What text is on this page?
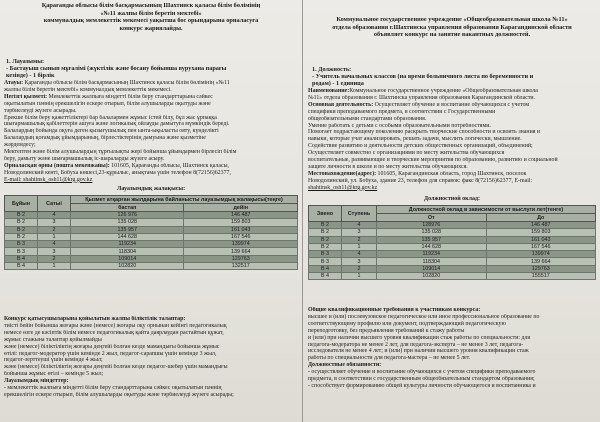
Қарағанды облысы білім басқармасының Шахтинск қаласы білім бөлімінің
«№11 жалпы білім беретін мектебі»
коммуналдық мемлекеттік мекемесі уақытша бос орындарына орналасуға
конкурс жариялайды.
1. Лауазымы:
- Бастауыш сынып мұғалімі (жүктілік және босану бойынша вурухана парағы
кезінде) - 1 бірлік

Атауы: Қарағанды облысы білім басқармасының Шахтинск қаласы білім бөлімінің «№11

жалпы білім беретін мектебі» коммуналдық мемлекеттік мекемесі.

Негізгі қызметі: Мемлекеттік жалпыға міндетті білім беру стандарттарына сәйкес

оқытылатын пәннің ерекшелігін ескере отырып, білім алушыларды оқытуды және

тәрбиелеуді жүзеге асырады.

Ерекше білім беру қажеттіліктері бар балалармен жұмыс істей білу, бұл жас ұрпаққа

шығармашылық қабілеттерін ашуға және логикалық ойлауды дамытуға мүмкіндік береді.

Балалардың бойында оқуға деген қызығушылық пен ынта-ықыласты ояту, күнделікті

Балалардың қоғамдық ұйымдарының, бірлестіктерінің дамуына және қызметіне

жәрдемдесу;

Мектептен және білім алушылардың тұрғылықты жері бойынша ұйымдармен бірлесіп білім

беру, дамыту және шығармашылық іс-шараларды жүзеге асыру.

Орналасқан орны (пошта мекенжайы): 101605, Қарағанды облысы, Шахтинск қаласы,

Новодолинский кенті, Бобуха көшесі,23-құрылыс, анықтама үшін телефон 8(72156)62377,

E-mail: shahtinsk_osh11@krg.gov.kz

Лауазымдық жалақысы:
Бұйын	Сатыі	Қызмет атқарған жылдарына байланысты лауазымдық жалақысы(теңге)	
		бастап	дейін
В 2	4	126 976	146 487
В 2	3	135 028	159 803
В 2	2	135 957	161 043
В 2	1	144 628	167 546
В 3	4	119234	139974
В 3	3	118304	139 664
В 4	2	109014	129763
В 4	1	102820	132517

Конкурс қатысушыларына қойылатын жалпы біліктілік талаптар:

тиісті бейін бойынша жоғары және (немесе) жоғары оқу орнынан кейінгі педагогикалық

немесе өзге де кәсіптік білім немесе педагогикалық қайта даярлаудан растайтын құжат,

жұмыс стажына талаптар қойылмайды

және (немесе) біліктіліктің жоғары деңгейі болған кезде мамандығы бойынша жұмыс

өтілі: педагог-модератор үшін кемінде 2 жыл, педагог-сарапшы үшін кемінде 3 жыл,

педагог-зерттеуші үшін кемінде 4 жыл;

және (немесе) біліктіліктің жоғары деңгейі болған кезде педагог-шебер үшін мамандығы

бойынша жұмыс өтілі – кемінде 5 жыл;

Лауазымдық міндеттер:

- мемлекеттік жалпыға міндетті білім беру стандарттарына сәйкес оқытылатын пәннің

ерекшелігін ескере отырып, білім алушыларды оқытуды және тәрбиелеуді жүзеге асырады;

Коммунальное государственное учреждение «Общеобразовательная школа №11»
отдела образования г.Шахтинска управления образования Карагандинской области
объявляет конкурс на занятие вакантных должностей.
1. Должность:
- Учитель начальных классов (на время больничного листа по беременности и
родам) - 1 единица

Наименование:Коммунальное государственное учреждение «Общеобразовательная школа

№11» отдела образования г. Шахтинска управления образования Карагандинской области.

Основная деятельность: Осуществляет обучение и воспитание обучающихся с учетом

специфики преподаваемого предмета, в соответствии с Государственными

общеобязательными стандартами образования.

Умение работать с детьми с особыми образовательными потребностями.

Помогает подрастающему поколению раскрыть творческие способности и освоить знания и

навыки, которые учат анализировать, решать задачи, мыслить логически, мышление.

Содействие развитию и деятельности детских общественных организаций, объединений;

Осуществляет совместно с организациями по месту жительства обучающихся

воспитательные, развивающие и творческие мероприятия по образованию, развитию и социальной

защите личности в школе и по месту жительства обучающихся.

Местонахождение(адрес): 101605, Карагандинская область, город Шахтинск, поселок

Новодолинский, ул. Бобуха, здание 23, телефон для справок: факс 8(72156)62377, E-mail:

shahtinsk_osh11@krg.gov.kz

Должностной оклад:
Звено	Ступень	Должностной оклад в зависимости от выслуги лет(тенге)	
		От	До
В 2	4	128976	146 487
В 2	3	135 028	159 803
В 2	2	135 957	161 043
В 2	1	144 628	167 546
В 3	4	119234	139974
В 3	3	118304	139 664
В 4	2	109014	129763
В 4	1	102820	155517

Общие квалификационные требования к участникам конкурса:

высшее и (или) послевузовское педагогическое или иное профессиональное образование по

соответствующему профилю или документ, подтверждающий педагогическую

переподготовку, без предъявления требований к стажу работы

и (или) при наличии высшего уровня квалификации стаж работы по специальности: для

педагога-модератора не менее 2 лет, для педагога-эксперта – не менее 3 лет, педагога-

исследователя не менее 4 лет; и (или) при наличии высшего уровня квалификации стаж

работы по специальности для педагога-мастера – не менее 5 лет.

Должностные обязанности:

- осуществляет обучение и воспитание обучающихся с учетом специфики преподаваемого

предмета, в соответствии с государственным общеобязательным стандартом образования;

- способствует формированию общей культуры личности обучающегося и воспитанника и
